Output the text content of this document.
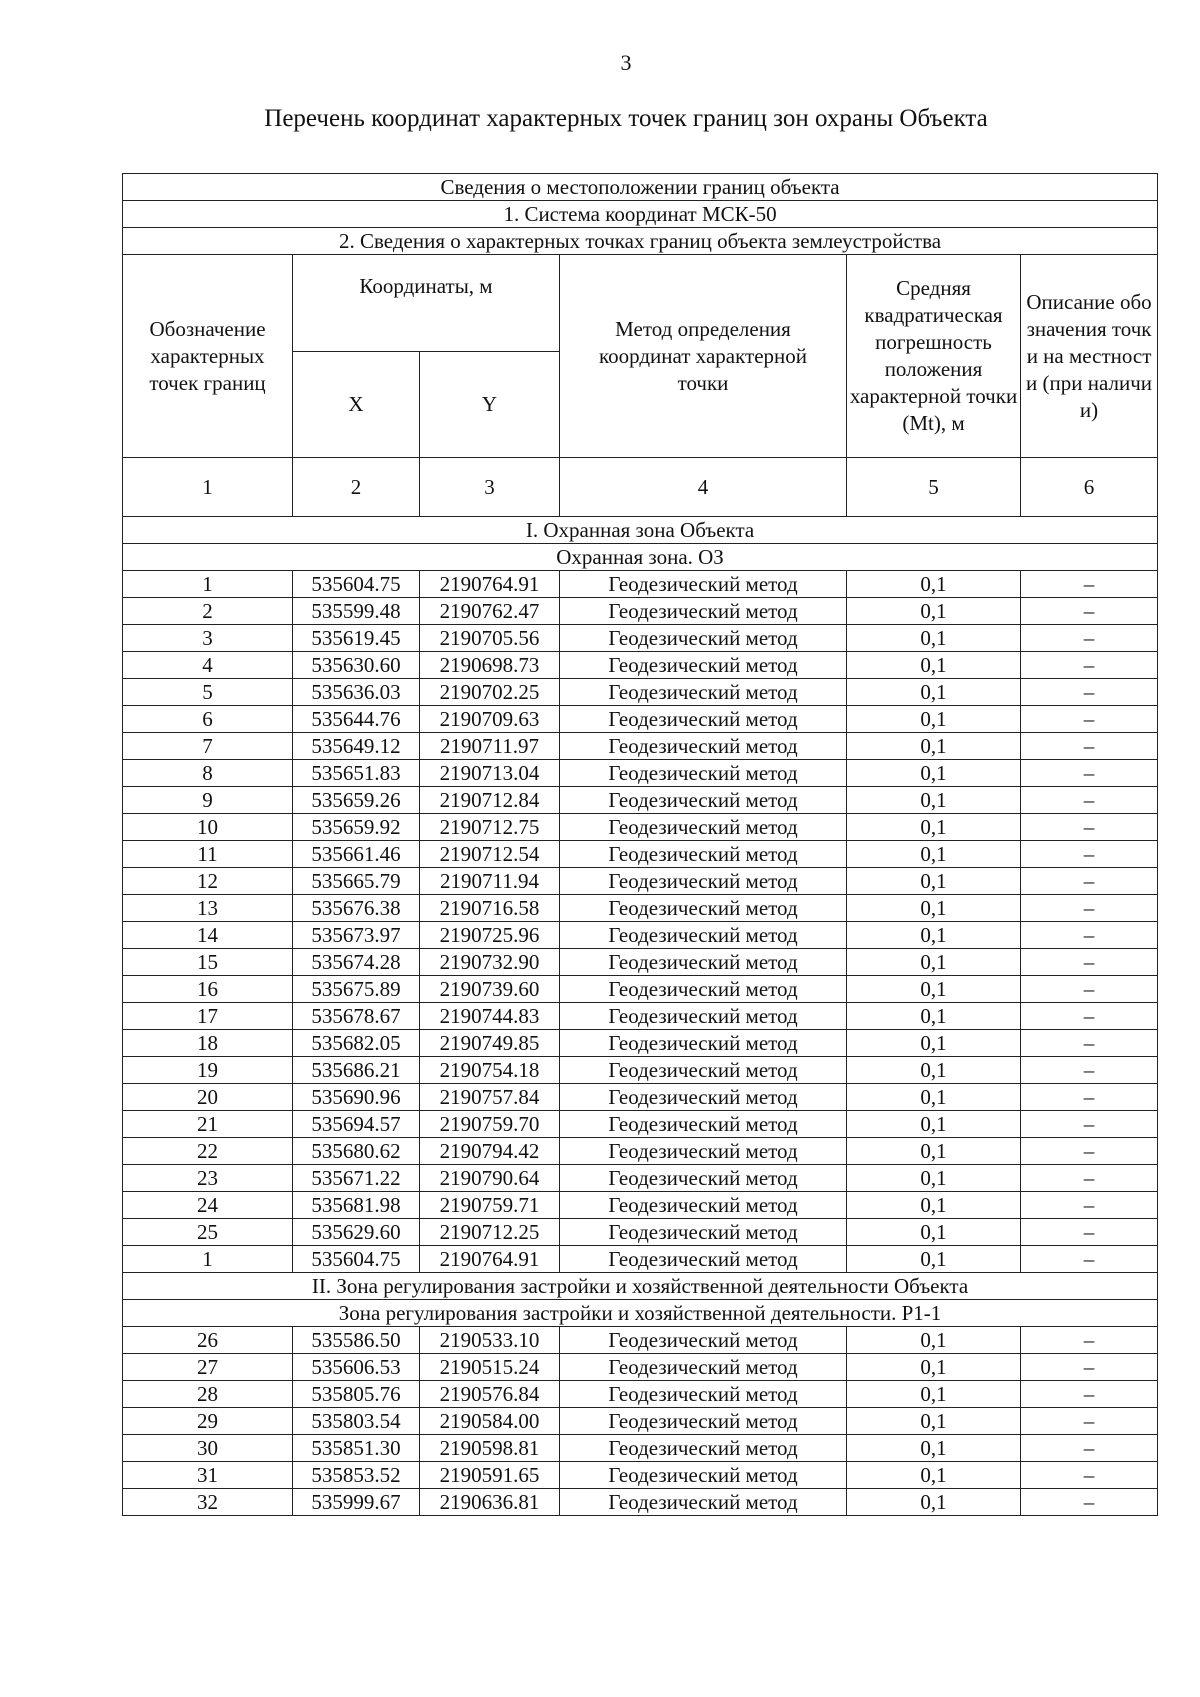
3
Перечень координат характерных точек границ зон охраны Объекта
Сведения о местоположении границ объекта					
1. Система координат МСК-50					
2. Сведения о характерных точках границ объекта землеустройства					
Обозначение характерных точек границ	Координаты, м		Метод определения координат характерной точки	Средняя квадратическая погрешность положения характерной точки (Mt), м	Описание обозначения точки на местности (при наличии)
	X	Y			
1	2	3	4	5	6
I. Охранная зона Объекта					
Охранная зона. ОЗ					
1	535604.75	2190764.91	Геодезический метод	0,1	–
2	535599.48	2190762.47	Геодезический метод	0,1	–
3	535619.45	2190705.56	Геодезический метод	0,1	–
4	535630.60	2190698.73	Геодезический метод	0,1	–
5	535636.03	2190702.25	Геодезический метод	0,1	–
6	535644.76	2190709.63	Геодезический метод	0,1	–
7	535649.12	2190711.97	Геодезический метод	0,1	–
8	535651.83	2190713.04	Геодезический метод	0,1	–
9	535659.26	2190712.84	Геодезический метод	0,1	–
10	535659.92	2190712.75	Геодезический метод	0,1	–
11	535661.46	2190712.54	Геодезический метод	0,1	–
12	535665.79	2190711.94	Геодезический метод	0,1	–
13	535676.38	2190716.58	Геодезический метод	0,1	–
14	535673.97	2190725.96	Геодезический метод	0,1	–
15	535674.28	2190732.90	Геодезический метод	0,1	–
16	535675.89	2190739.60	Геодезический метод	0,1	–
17	535678.67	2190744.83	Геодезический метод	0,1	–
18	535682.05	2190749.85	Геодезический метод	0,1	–
19	535686.21	2190754.18	Геодезический метод	0,1	–
20	535690.96	2190757.84	Геодезический метод	0,1	–
21	535694.57	2190759.70	Геодезический метод	0,1	–
22	535680.62	2190794.42	Геодезический метод	0,1	–
23	535671.22	2190790.64	Геодезический метод	0,1	–
24	535681.98	2190759.71	Геодезический метод	0,1	–
25	535629.60	2190712.25	Геодезический метод	0,1	–
1	535604.75	2190764.91	Геодезический метод	0,1	–
II. Зона регулирования застройки и хозяйственной деятельности Объекта					
Зона регулирования застройки и хозяйственной деятельности. Р1-1					
26	535586.50	2190533.10	Геодезический метод	0,1	–
27	535606.53	2190515.24	Геодезический метод	0,1	–
28	535805.76	2190576.84	Геодезический метод	0,1	–
29	535803.54	2190584.00	Геодезический метод	0,1	–
30	535851.30	2190598.81	Геодезический метод	0,1	–
31	535853.52	2190591.65	Геодезический метод	0,1	–
32	535999.67	2190636.81	Геодезический метод	0,1	–
